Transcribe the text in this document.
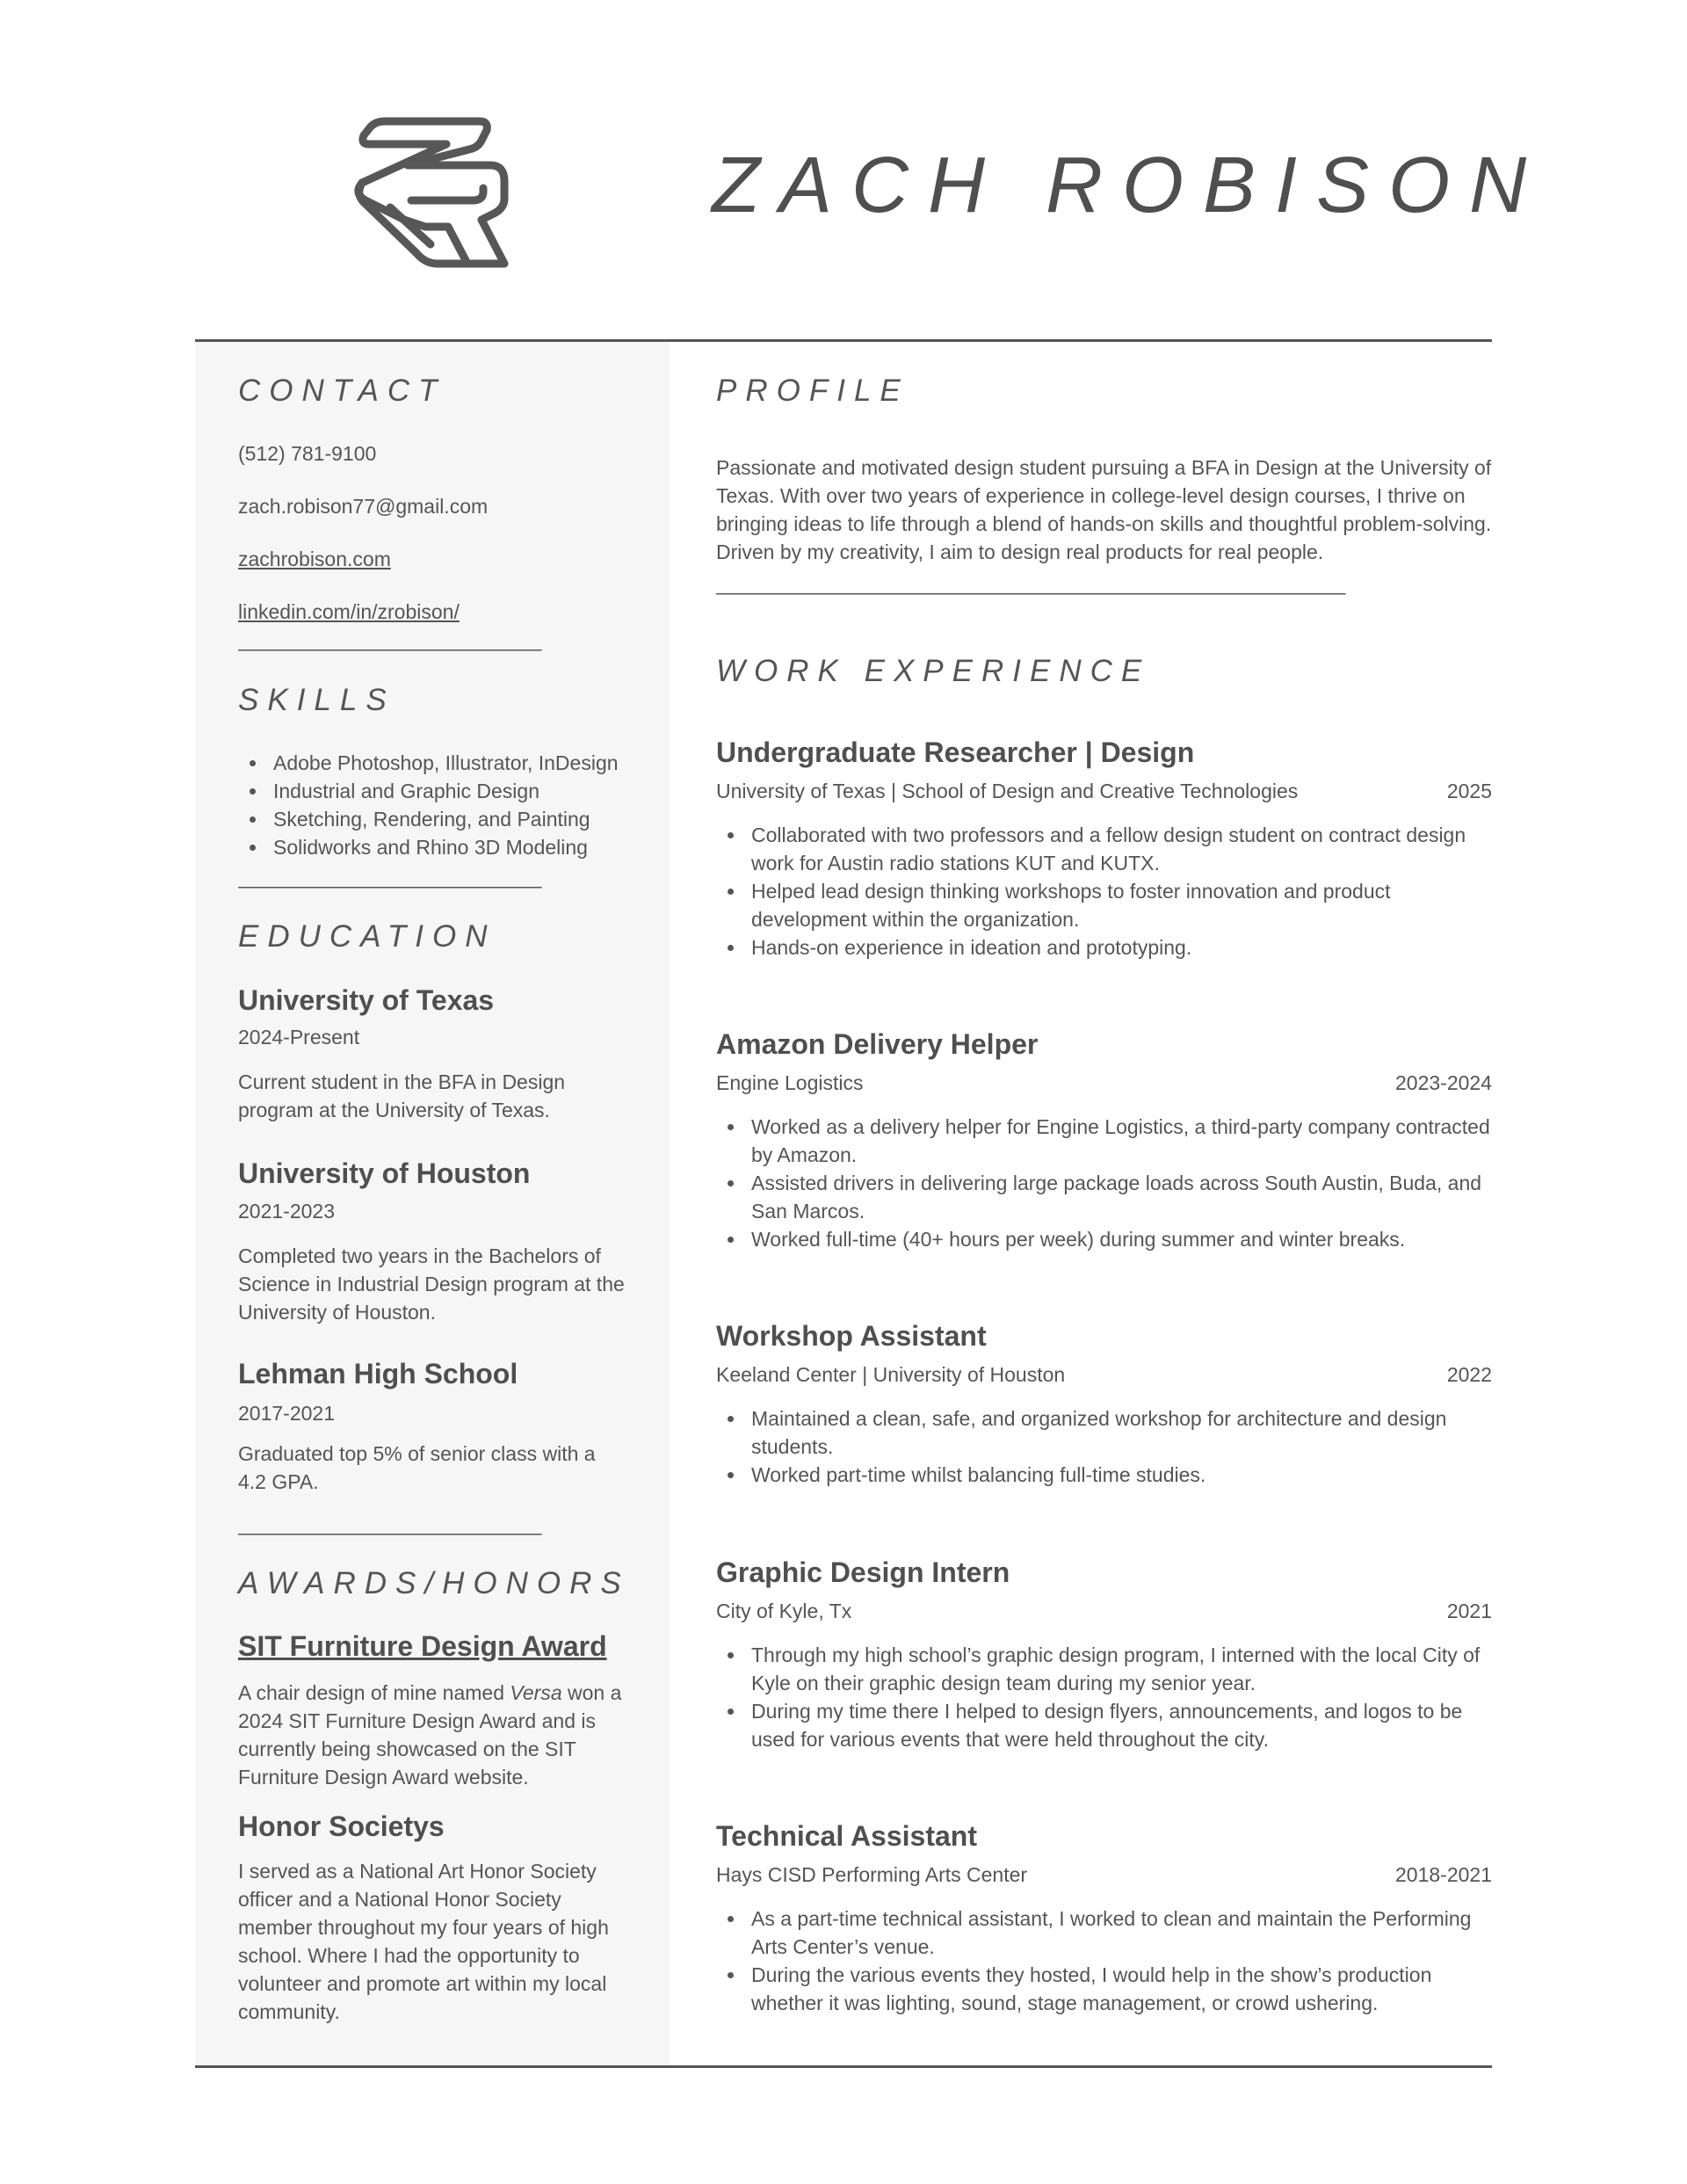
ZACH ROBISON
CONTACT
(512) 781-9100
zach.robison77@gmail.com
zachrobison.com
linkedin.com/in/zrobison/
___________________________
SKILLS
Adobe Photoshop, Illustrator, InDesign
Industrial and Graphic Design
Sketching, Rendering, and Painting
Solidworks and Rhino 3D Modeling
___________________________
EDUCATION
University of Texas
2024-Present
Current student in the BFA in Design program at the University of Texas.
University of Houston
2021-2023
Completed two years in the Bachelors of Science in Industrial Design program at the University of Houston.
Lehman High School
2017-2021
Graduated top 5% of senior class with a 4.2 GPA.
___________________________
AWARDS/HONORS
SIT Furniture Design Award
A chair design of mine named Versa won a 2024 SIT Furniture Design Award and is currently being showcased on the SIT Furniture Design Award website.
Honor Societys
I served as a National Art Honor Society officer and a National Honor Society member throughout my four years of high school. Where I had the opportunity to volunteer and promote art within my local community.
PROFILE
Passionate and motivated design student pursuing a BFA in Design at the University of Texas. With over two years of experience in college-level design courses, I thrive on bringing ideas to life through a blend of hands-on skills and thoughtful problem-solving. Driven by my creativity, I aim to design real products for real people.
________________________________________________________
WORK EXPERIENCE
Undergraduate Researcher | Design
University of Texas | School of Design and Creative Technologies	2025
Collaborated with two professors and a fellow design student on contract design work for Austin radio stations KUT and KUTX.
Helped lead design thinking workshops to foster innovation and product development within the organization.
Hands-on experience in ideation and prototyping.
Amazon Delivery Helper
Engine Logistics	2023-2024
Worked as a delivery helper for Engine Logistics, a third-party company contracted by Amazon.
Assisted drivers in delivering large package loads across South Austin, Buda, and San Marcos.
Worked full-time (40+ hours per week) during summer and winter breaks.
Workshop Assistant
Keeland Center | University of Houston	2022
Maintained a clean, safe, and organized workshop for architecture and design students.
Worked part-time whilst balancing full-time studies.
Graphic Design Intern
City of Kyle, Tx	2021
Through my high school’s graphic design program, I interned with the local City of Kyle on their graphic design team during my senior year.
During my time there I helped to design flyers, announcements, and logos to be used for various events that were held throughout the city.
Technical Assistant
Hays CISD Performing Arts Center	2018-2021
As a part-time technical assistant, I worked to clean and maintain the Performing Arts Center’s venue.
During the various events they hosted, I would help in the show’s production whether it was lighting, sound, stage management, or crowd ushering.
